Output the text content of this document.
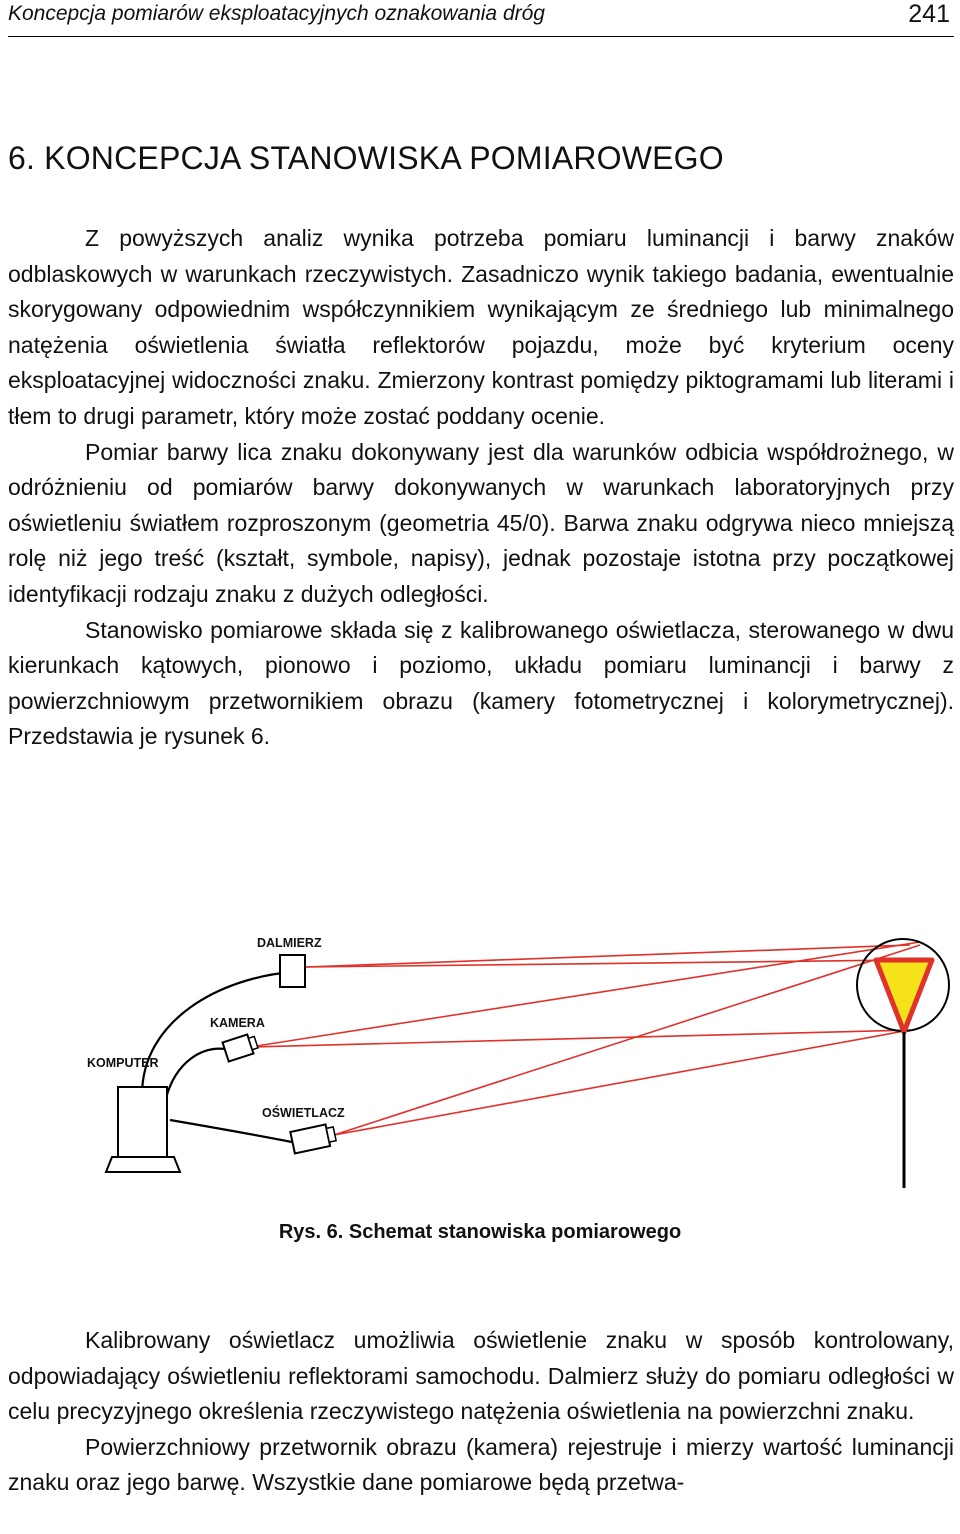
Koncepcja pomiarów eksploatacyjnych oznakowania dróg	241
6. KONCEPCJA STANOWISKA POMIAROWEGO

Z powyższych analiz wynika potrzeba pomiaru luminancji i barwy znaków odblaskowych w warunkach rzeczywistych. Zasadniczo wynik takiego badania, ewentualnie skorygowany odpowiednim współczynnikiem wynikającym ze średniego lub minimalnego natężenia oświetlenia światła reflektorów pojazdu, może być kryterium oceny eksploatacyjnej widoczności znaku. Zmierzony kontrast pomiędzy piktogramami lub literami i tłem to drugi parametr, który może zostać poddany ocenie.

Pomiar barwy lica znaku dokonywany jest dla warunków odbicia współdrożnego, w odróżnieniu od pomiarów barwy dokonywanych w warunkach laboratoryjnych przy oświetleniu światłem rozproszonym (geometria 45/0). Barwa znaku odgrywa nieco mniejszą rolę niż jego treść (kształt, symbole, napisy), jednak pozostaje istotna przy początkowej identyfikacji rodzaju znaku z dużych odległości.

Stanowisko pomiarowe składa się z kalibrowanego oświetlacza, sterowanego w dwu kierunkach kątowych, pionowo i poziomo, układu pomiaru luminancji i barwy z powierzchniowym przetwornikiem obrazu (kamery fotometrycznej i kolorymetrycznej). Przedstawia je rysunek 6.

DALMIERZ
KAMERA
KOMPUTER
OŚWIETLACZ
Rys. 6. Schemat stanowiska pomiarowego

Kalibrowany oświetlacz umożliwia oświetlenie znaku w sposób kontrolowany, odpowiadający oświetleniu reflektorami samochodu. Dalmierz służy do pomiaru odległości w celu precyzyjnego określenia rzeczywistego natężenia oświetlenia na powierzchni znaku.

Powierzchniowy przetwornik obrazu (kamera) rejestruje i mierzy wartość luminancji znaku oraz jego barwę. Wszystkie dane pomiarowe będą przetwa-
